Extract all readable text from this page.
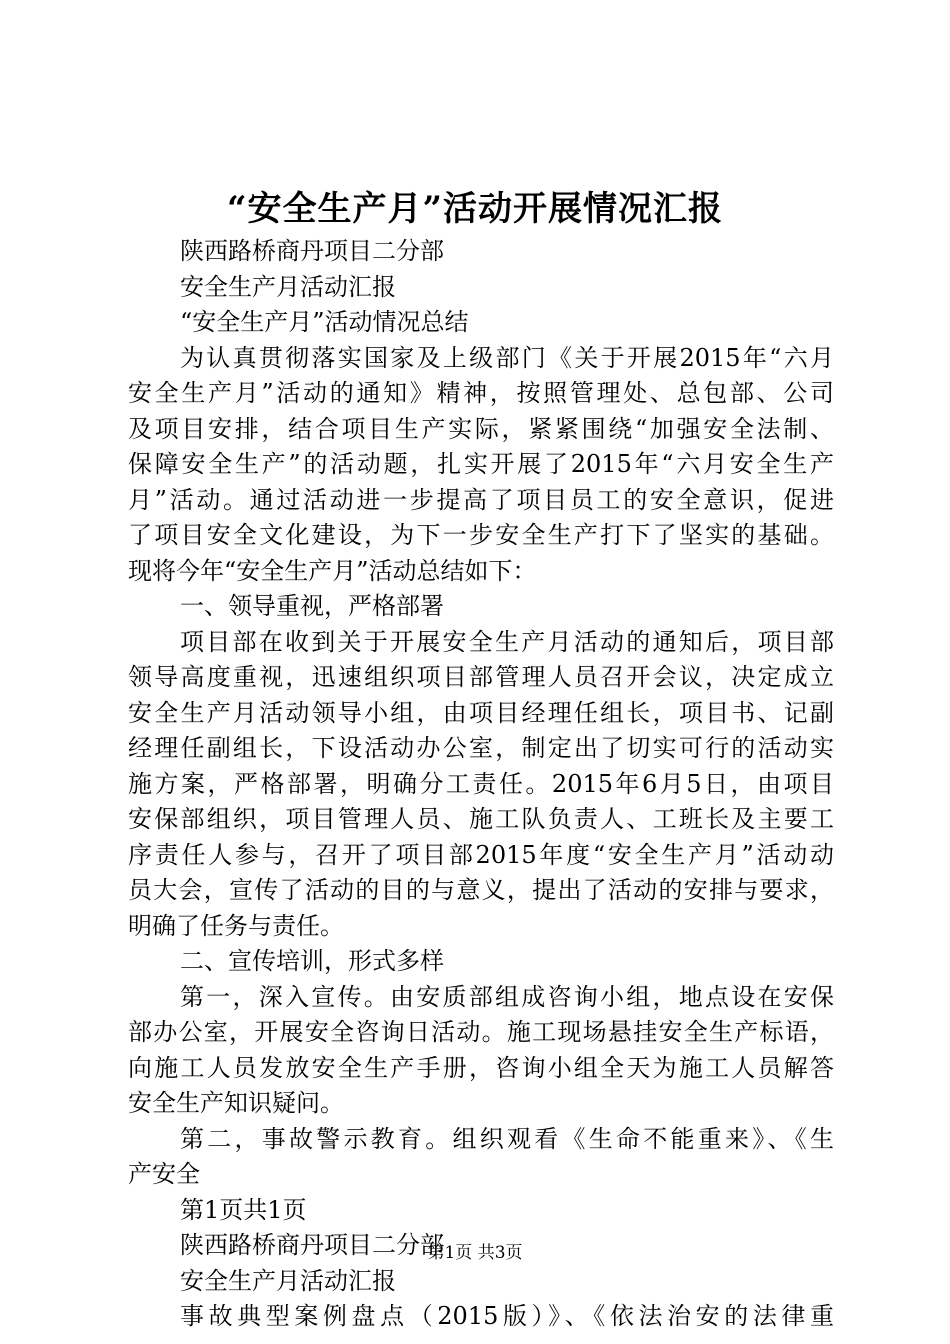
“安全生产月”活动开展情况汇报
陕西路桥商丹项目二分部
安全生产月活动汇报
“安全生产月”活动情况总结
为认真贯彻落实国家及上级部门《关于开展2015年“六月
安全生产月”活动的通知》精神，按照管理处、总包部、公司
及项目安排，结合项目生产实际，紧紧围绕“加强安全法制、
保障安全生产”的活动题，扎实开展了2015年“六月安全生产
月”活动。通过活动进一步提高了项目员工的安全意识，促进
了项目安全文化建设，为下一步安全生产打下了坚实的基础。
现将今年“安全生产月”活动总结如下：
一、领导重视，严格部署
项目部在收到关于开展安全生产月活动的通知后，项目部
领导高度重视，迅速组织项目部管理人员召开会议，决定成立
安全生产月活动领导小组，由项目经理任组长，项目书、记副
经理任副组长，下设活动办公室，制定出了切实可行的活动实
施方案，严格部署，明确分工责任。2015年6月5日，由项目
安保部组织，项目管理人员、施工队负责人、工班长及主要工
序责任人参与，召开了项目部2015年度“安全生产月”活动动
员大会，宣传了活动的目的与意义，提出了活动的安排与要求，
明确了任务与责任。
二、宣传培训，形式多样
第一，深入宣传。由安质部组成咨询小组，地点设在安保
部办公室，开展安全咨询日活动。施工现场悬挂安全生产标语，
向施工人员发放安全生产手册，咨询小组全天为施工人员解答
安全生产知识疑问。
第二，事故警示教育。组织观看《生命不能重来》、《生
产安全
第1页共1页
陕西路桥商丹项目二分部
安全生产月活动汇报
事故典型案例盘点（2015版）》、《依法治安的法律重
第1页 共3页
